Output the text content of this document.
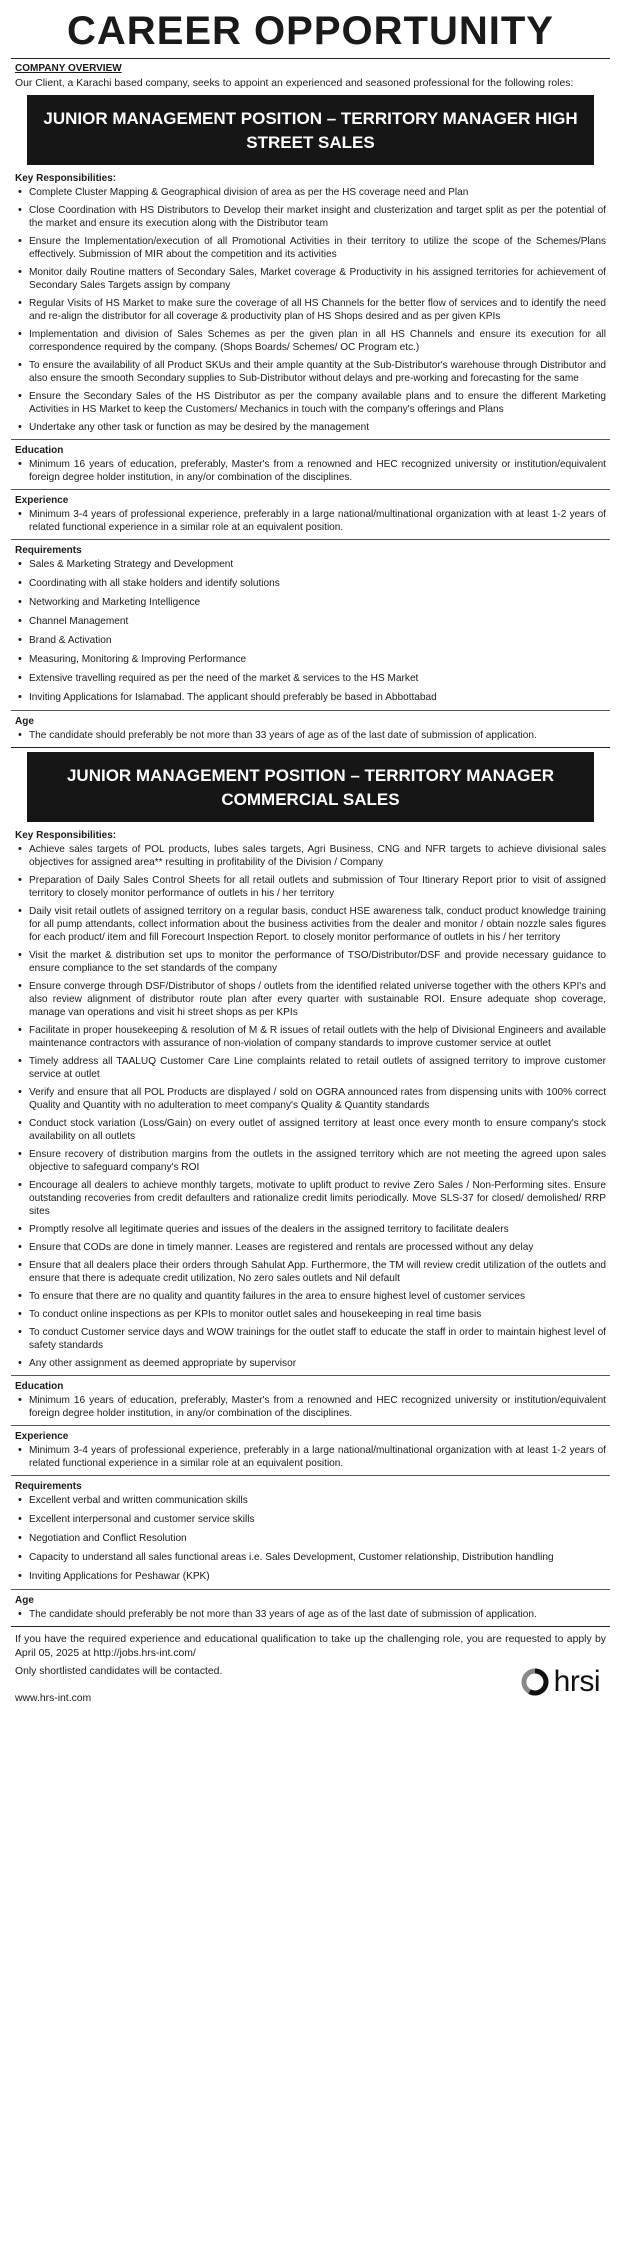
CAREER OPPORTUNITY
COMPANY OVERVIEW
Our Client, a Karachi based company, seeks to appoint an experienced and seasoned professional for the following roles:
JUNIOR MANAGEMENT POSITION – TERRITORY MANAGER HIGH STREET SALES
Key Responsibilities:
• Complete Cluster Mapping & Geographical division of area as per the HS coverage need and Plan
• Close Coordination with HS Distributors to Develop their market insight and clusterization and target split as per the potential of the market and ensure its execution along with the Distributor team
• Ensure the Implementation/execution of all Promotional Activities in their territory to utilize the scope of the Schemes/Plans effectively. Submission of MIR about the competition and its activities
• Monitor daily Routine matters of Secondary Sales, Market coverage & Productivity in his assigned territories for achievement of Secondary Sales Targets assign by company
• Regular Visits of HS Market to make sure the coverage of all HS Channels for the better flow of services and to identify the need and re-align the distributor for all coverage & productivity plan of HS Shops desired and as per given KPIs
• Implementation and division of Sales Schemes as per the given plan in all HS Channels and ensure its execution for all correspondence required by the company. (Shops Boards/ Schemes/ OC Program etc.)
• To ensure the availability of all Product SKUs and their ample quantity at the Sub-Distributor's warehouse through Distributor and also ensure the smooth Secondary supplies to Sub-Distributor without delays and pre-working and forecasting for the same
• Ensure the Secondary Sales of the HS Distributor as per the company available plans and to ensure the different Marketing Activities in HS Market to keep the Customers/ Mechanics in touch with the company's offerings and Plans
• Undertake any other task or function as may be desired by the management
Education
• Minimum 16 years of education, preferably, Master's from a renowned and HEC recognized university or institution/equivalent foreign degree holder institution, in any/or combination of the disciplines.
Experience
• Minimum 3-4 years of professional experience, preferably in a large national/multinational organization with at least 1-2 years of related functional experience in a similar role at an equivalent position.
Requirements
• Sales & Marketing Strategy and Development
• Coordinating with all stake holders and identify solutions
• Networking and Marketing Intelligence
• Channel Management
• Brand & Activation
• Measuring, Monitoring & Improving Performance
• Extensive travelling required as per the need of the market & services to the HS Market
• Inviting Applications for Islamabad. The applicant should preferably be based in Abbottabad
Age
• The candidate should preferably be not more than 33 years of age as of the last date of submission of application.
JUNIOR MANAGEMENT POSITION – TERRITORY MANAGER COMMERCIAL SALES
Key Responsibilities:
• Achieve sales targets of POL products, lubes sales targets, Agri Business, CNG and NFR targets to achieve divisional sales objectives for assigned area** resulting in profitability of the Division / Company
• Preparation of Daily Sales Control Sheets for all retail outlets and submission of Tour Itinerary Report prior to visit of assigned territory to closely monitor performance of outlets in his / her territory
• Daily visit retail outlets of assigned territory on a regular basis, conduct HSE awareness talk, conduct product knowledge training for all pump attendants, collect information about the business activities from the dealer and monitor / obtain nozzle sales figures for each product/ item and fill Forecourt Inspection Report. to closely monitor performance of outlets in his / her territory
• Visit the market & distribution set ups to monitor the performance of TSO/Distributor/DSF and provide necessary guidance to ensure compliance to the set standards of the company
• Ensure converge through DSF/Distributor of shops / outlets from the identified related universe together with the others KPI's and also review alignment of distributor route plan after every quarter with sustainable ROI. Ensure adequate shop coverage, manage van operations and visit hi street shops as per KPIs
• Facilitate in proper housekeeping & resolution of M & R issues of retail outlets with the help of Divisional Engineers and available maintenance contractors with assurance of non-violation of company standards to improve customer service at outlet
• Timely address all TAALUQ Customer Care Line complaints related to retail outlets of assigned territory to improve customer service at outlet
• Verify and ensure that all POL Products are displayed / sold on OGRA announced rates from dispensing units with 100% correct Quality and Quantity with no adulteration to meet company's Quality & Quantity standards
• Conduct stock variation (Loss/Gain) on every outlet of assigned territory at least once every month to ensure company's stock availability on all outlets
• Ensure recovery of distribution margins from the outlets in the assigned territory which are not meeting the agreed upon sales objective to safeguard company's ROI
• Encourage all dealers to achieve monthly targets, motivate to uplift product to revive Zero Sales / Non-Performing sites. Ensure outstanding recoveries from credit defaulters and rationalize credit limits periodically. Move SLS-37 for closed/ demolished/ RRP sites
• Promptly resolve all legitimate queries and issues of the dealers in the assigned territory to facilitate dealers
• Ensure that CODs are done in timely manner. Leases are registered and rentals are processed without any delay
• Ensure that all dealers place their orders through Sahulat App. Furthermore, the TM will review credit utilization of the outlets and ensure that there is adequate credit utilization, No zero sales outlets and Nil default
• To ensure that there are no quality and quantity failures in the area to ensure highest level of customer services
• To conduct online inspections as per KPIs to monitor outlet sales and housekeeping in real time basis
• To conduct Customer service days and WOW trainings for the outlet staff to educate the staff in order to maintain highest level of safety standards
• Any other assignment as deemed appropriate by supervisor
Education
• Minimum 16 years of education, preferably, Master's from a renowned and HEC recognized university or institution/equivalent foreign degree holder institution, in any/or combination of the disciplines.
Experience
• Minimum 3-4 years of professional experience, preferably in a large national/multinational organization with at least 1-2 years of related functional experience in a similar role at an equivalent position.
Requirements
• Excellent verbal and written communication skills
• Excellent interpersonal and customer service skills
• Negotiation and Conflict Resolution
• Capacity to understand all sales functional areas i.e. Sales Development, Customer relationship, Distribution handling
• Inviting Applications for Peshawar (KPK)
Age
• The candidate should preferably be not more than 33 years of age as of the last date of submission of application.
If you have the required experience and educational qualification to take up the challenging role, you are requested to apply by April 05, 2025 at http://jobs.hrs-int.com/
Only shortlisted candidates will be contacted.
www.hrs-int.com
hrsi
